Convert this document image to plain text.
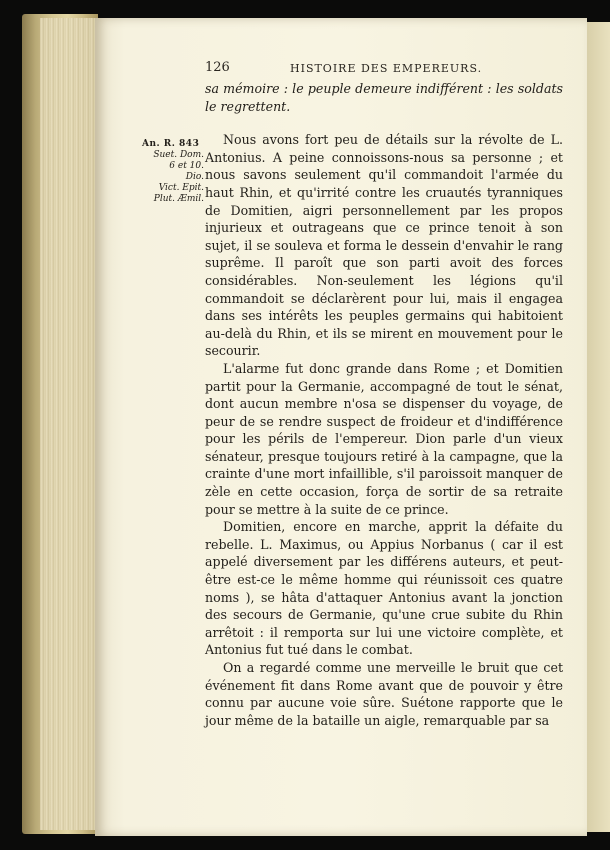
126	HISTOIRE DES EMPEREURS.
An. R. 843
Suet. Dom.
6 et 10.
Dio.
Vict. Epit.
Plut. Æmil.

sa mémoire : le peuple demeure indifférent : les soldats le regrettent.

Nous avons fort peu de détails sur la révolte de L. Antonius. A peine connoissons-nous sa personne ; et nous savons seulement qu'il commandoit l'armée du haut Rhin, et qu'irrité contre les cruautés tyranniques de Domitien, aigri personnellement par les propos injurieux et outrageans que ce prince tenoit à son sujet, il se souleva et forma le dessein d'envahir le rang suprême. Il paroît que son parti avoit des forces considérables. Non-seulement les légions qu'il commandoit se déclarèrent pour lui, mais il engagea dans ses intérêts les peuples germains qui habitoient au-delà du Rhin, et ils se mirent en mouvement pour le secourir.

L'alarme fut donc grande dans Rome ; et Domitien partit pour la Germanie, accompagné de tout le sénat, dont aucun membre n'osa se dispenser du voyage, de peur de se rendre suspect de froideur et d'indifférence pour les périls de l'empereur. Dion parle d'un vieux sénateur, presque toujours retiré à la campagne, que la crainte d'une mort infaillible, s'il paroissoit manquer de zèle en cette occasion, força de sortir de sa retraite pour se mettre à la suite de ce prince.

Domitien, encore en marche, apprit la défaite du rebelle. L. Maximus, ou Appius Norbanus ( car il est appelé diversement par les différens auteurs, et peut-être est-ce le même homme qui réunissoit ces quatre noms ), se hâta d'attaquer Antonius avant la jonction des secours de Germanie, qu'une crue subite du Rhin arrêtoit : il remporta sur lui une victoire complète, et Antonius fut tué dans le combat.

On a regardé comme une merveille le bruit que cet événement fit dans Rome avant que de pouvoir y être connu par aucune voie sûre. Suétone rapporte que le jour même de la bataille un aigle, remarquable par sa
